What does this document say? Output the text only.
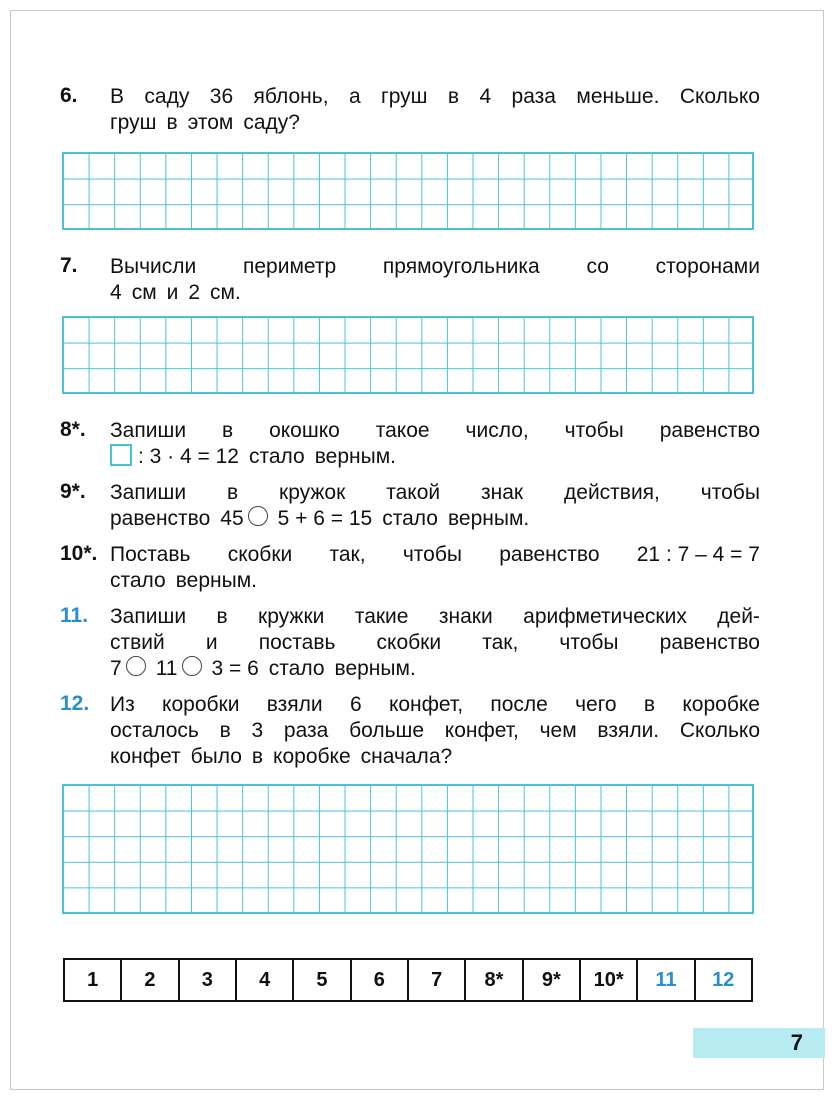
6. В саду 36 яблонь, а груш в 4 раза меньше. Сколько
груш в этом саду?
7. Вычисли периметр прямоугольника со сторонами
4 см и 2 см.
8*. Запиши в окошко такое число, чтобы равенство
: 3 · 4 = 12 стало верным.
9*. Запиши в кружок такой знак действия, чтобы
равенство 45 5 + 6 = 15 стало верным.
10*. Поставь скобки так, чтобы равенство 21 : 7 – 4 = 7
стало верным.
11. Запиши в кружки такие знаки арифметических дей-
ствий и поставь скобки так, чтобы равенство
7 11 3 = 6 стало верным.
12. Из коробки взяли 6 конфет, после чего в коробке
осталось в 3 раза больше конфет, чем взяли. Сколько
конфет было в коробке сначала?
1	2	3	4	5	6	7	8*	9*	10*	11	12
7
